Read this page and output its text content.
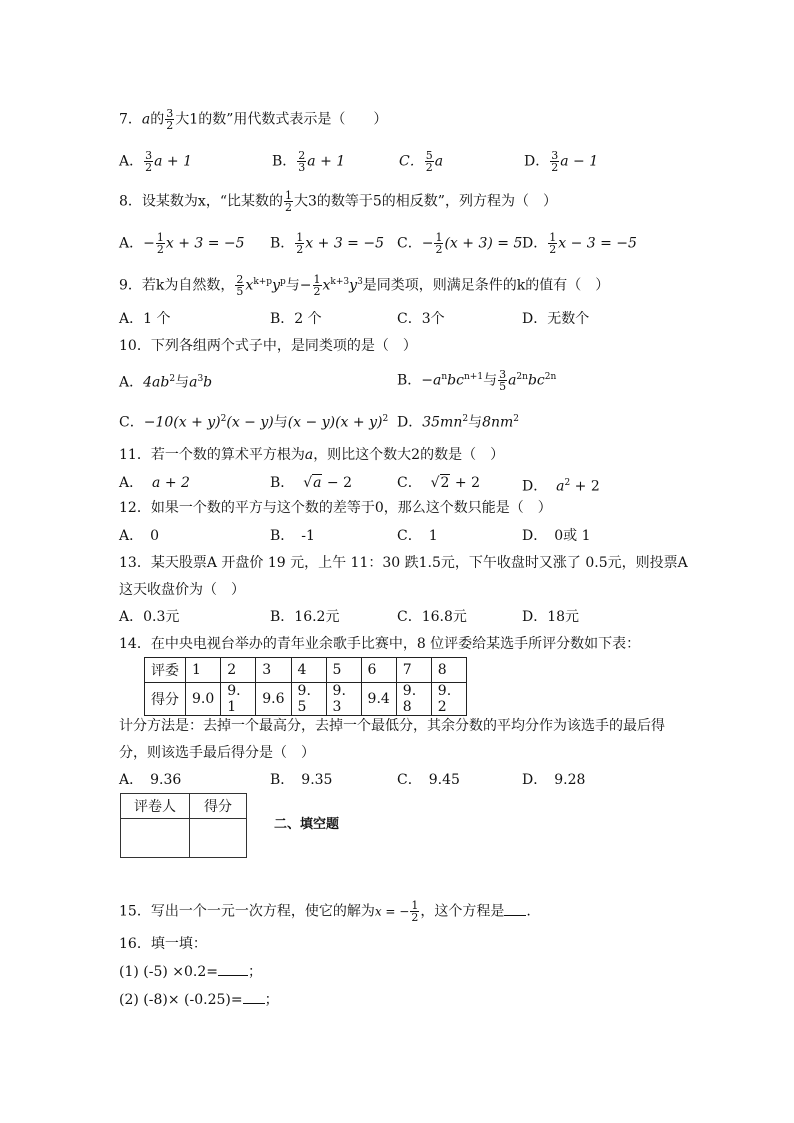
7．a的 $\frac{3}{2}$ 大1的数”用代数式表示是（　　）
A． $\frac{3}{2}$ a + 1	B． $\frac{2}{3}$ a + 1	C． $\frac{5}{2}$ a	D． $\frac{3}{2}$ a − 1
8．设某数为x，“比某数的 $\frac{1}{2}$ 大3的数等于5的相反数”，列方程为（　）
A．− $\frac{1}{2}$ x + 3 = −5 B． $\frac{1}{2}$ x + 3 = −5 C．− $\frac{1}{2} (x + 3) = 5$ D． $\frac{1}{2}$ x − 3 = −5
9．若k为自然数， $\frac{2}{5} x^{k+p}y^p$与− $\frac{1}{2} x^{k+3}y^3$是同类项，则满足条件的k的值有（　）
A．1 个	B．2 个	C．3个	D．无数个
10．下列各组两个式子中，是同类项的是（　）
A．$4ab^2$与$a^3b$	B．$-a^nbc^{n+1}$与 $\frac{3}{5} a^{2n}bc^{2n}$
C．$-10(x + y)^2(x - y)$与$(x - y)(x + y)^2$ D．$35mn^2$与$8nm^2$
11．若一个数的算术平方根为a，则比这个数大2的数是（　）
A． a + 2	B．  √a − 2	C．  √2 + 2	D． $a^2 + 2$
12．如果一个数的平方与这个数的差等于0，那么这个数只能是（　）
A．　0	B．　-1	C．　1	D．　0或 1
13．某天股票A 开盘价 19 元，上午 11：30 跌1.5元，下午收盘时又涨了 0.5元，则投票A
这天收盘价为（　）
A．0.3元	B．16.2元	C．16.8元	D．18元
14．在中央电视台举办的青年业余歌手比赛中，8 位评委给某选手所评分数如下表：
评委	1	2	3	4	5	6	7	8
得分	9.0	9. 1	9.6	9. 5	9. 3	9.4	9. 8	9. 2
计分方法是：去掉一个最高分，去掉一个最低分，其余分数的平均分作为该选手的最后得
分，则该选手最后得分是（　）
A．　9.36	B．　9.35	C．　9.45	D．　9.28
评卷人	得分

二、填空题
15．写出一个一元一次方程，使它的解为x = − $\frac{1}{2}$ ，这个方程是 .
16．填一填：
(1) (-5) ×0.2= ；
(2) (-8)× (-0.25)= ；
